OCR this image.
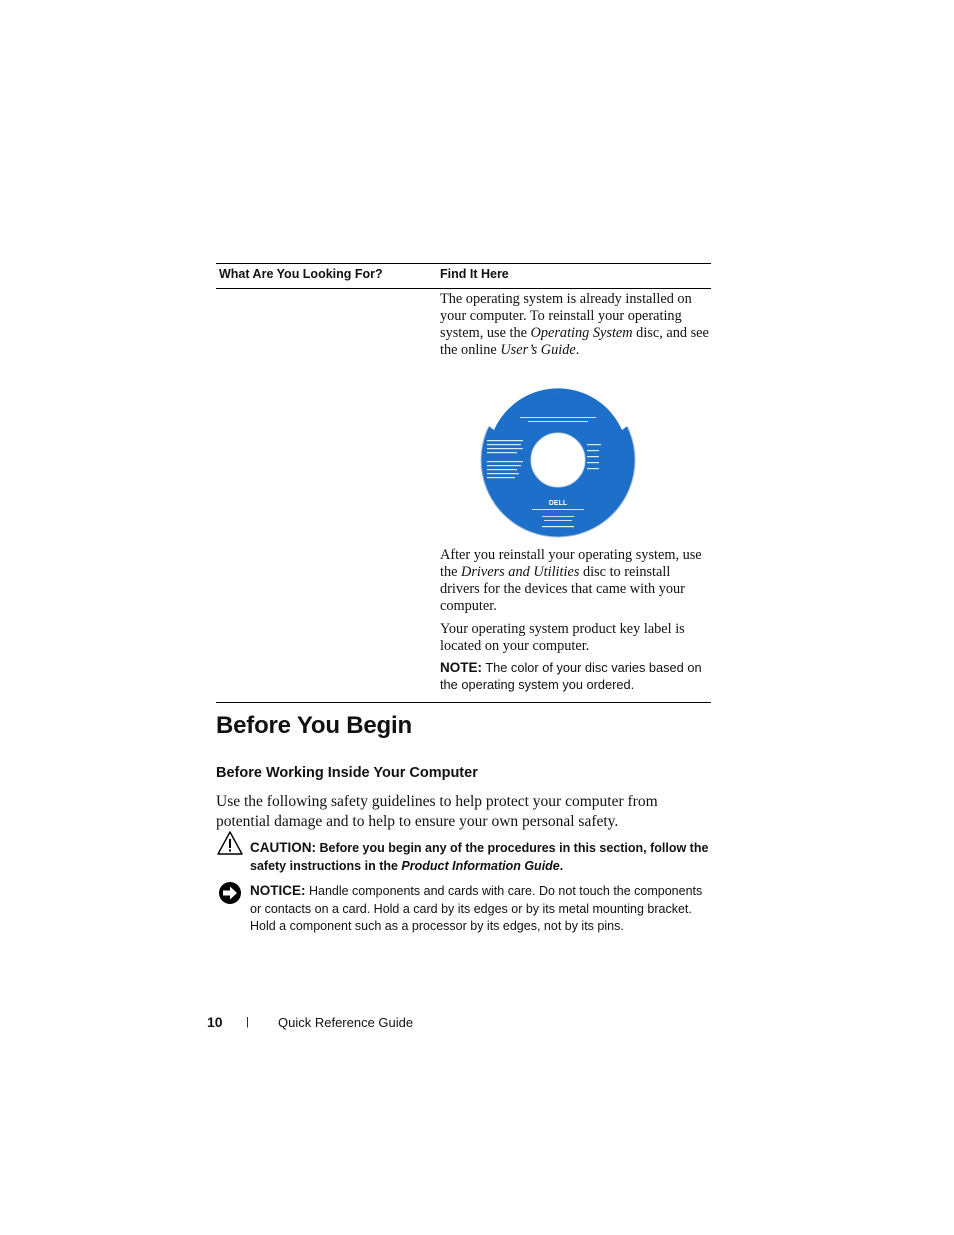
What Are You Looking For?	Find It Here

The operating system is already installed on your computer. To reinstall your operating system, use the Operating System disc, and see the online User’s Guide.

After you reinstall your operating system, use the Drivers and Utilities disc to reinstall drivers for the devices that came with your computer.

Your operating system product key label is located on your computer.

NOTE: The color of your disc varies based on the operating system you ordered.

OPERATING SYSTEM
ALREADY INSTALLED ON YOUR COMPUTER
DELL
Before You Begin
Before Working Inside Your Computer

Use the following safety guidelines to help protect your computer from potential damage and to help to ensure your own personal safety.

CAUTION: Before you begin any of the procedures in this section, follow the safety instructions in the Product Information Guide.

NOTICE: Handle components and cards with care. Do not touch the components or contacts on a card. Hold a card by its edges or by its metal mounting bracket. Hold a component such as a processor by its edges, not by its pins.

10 | Quick Reference Guide
